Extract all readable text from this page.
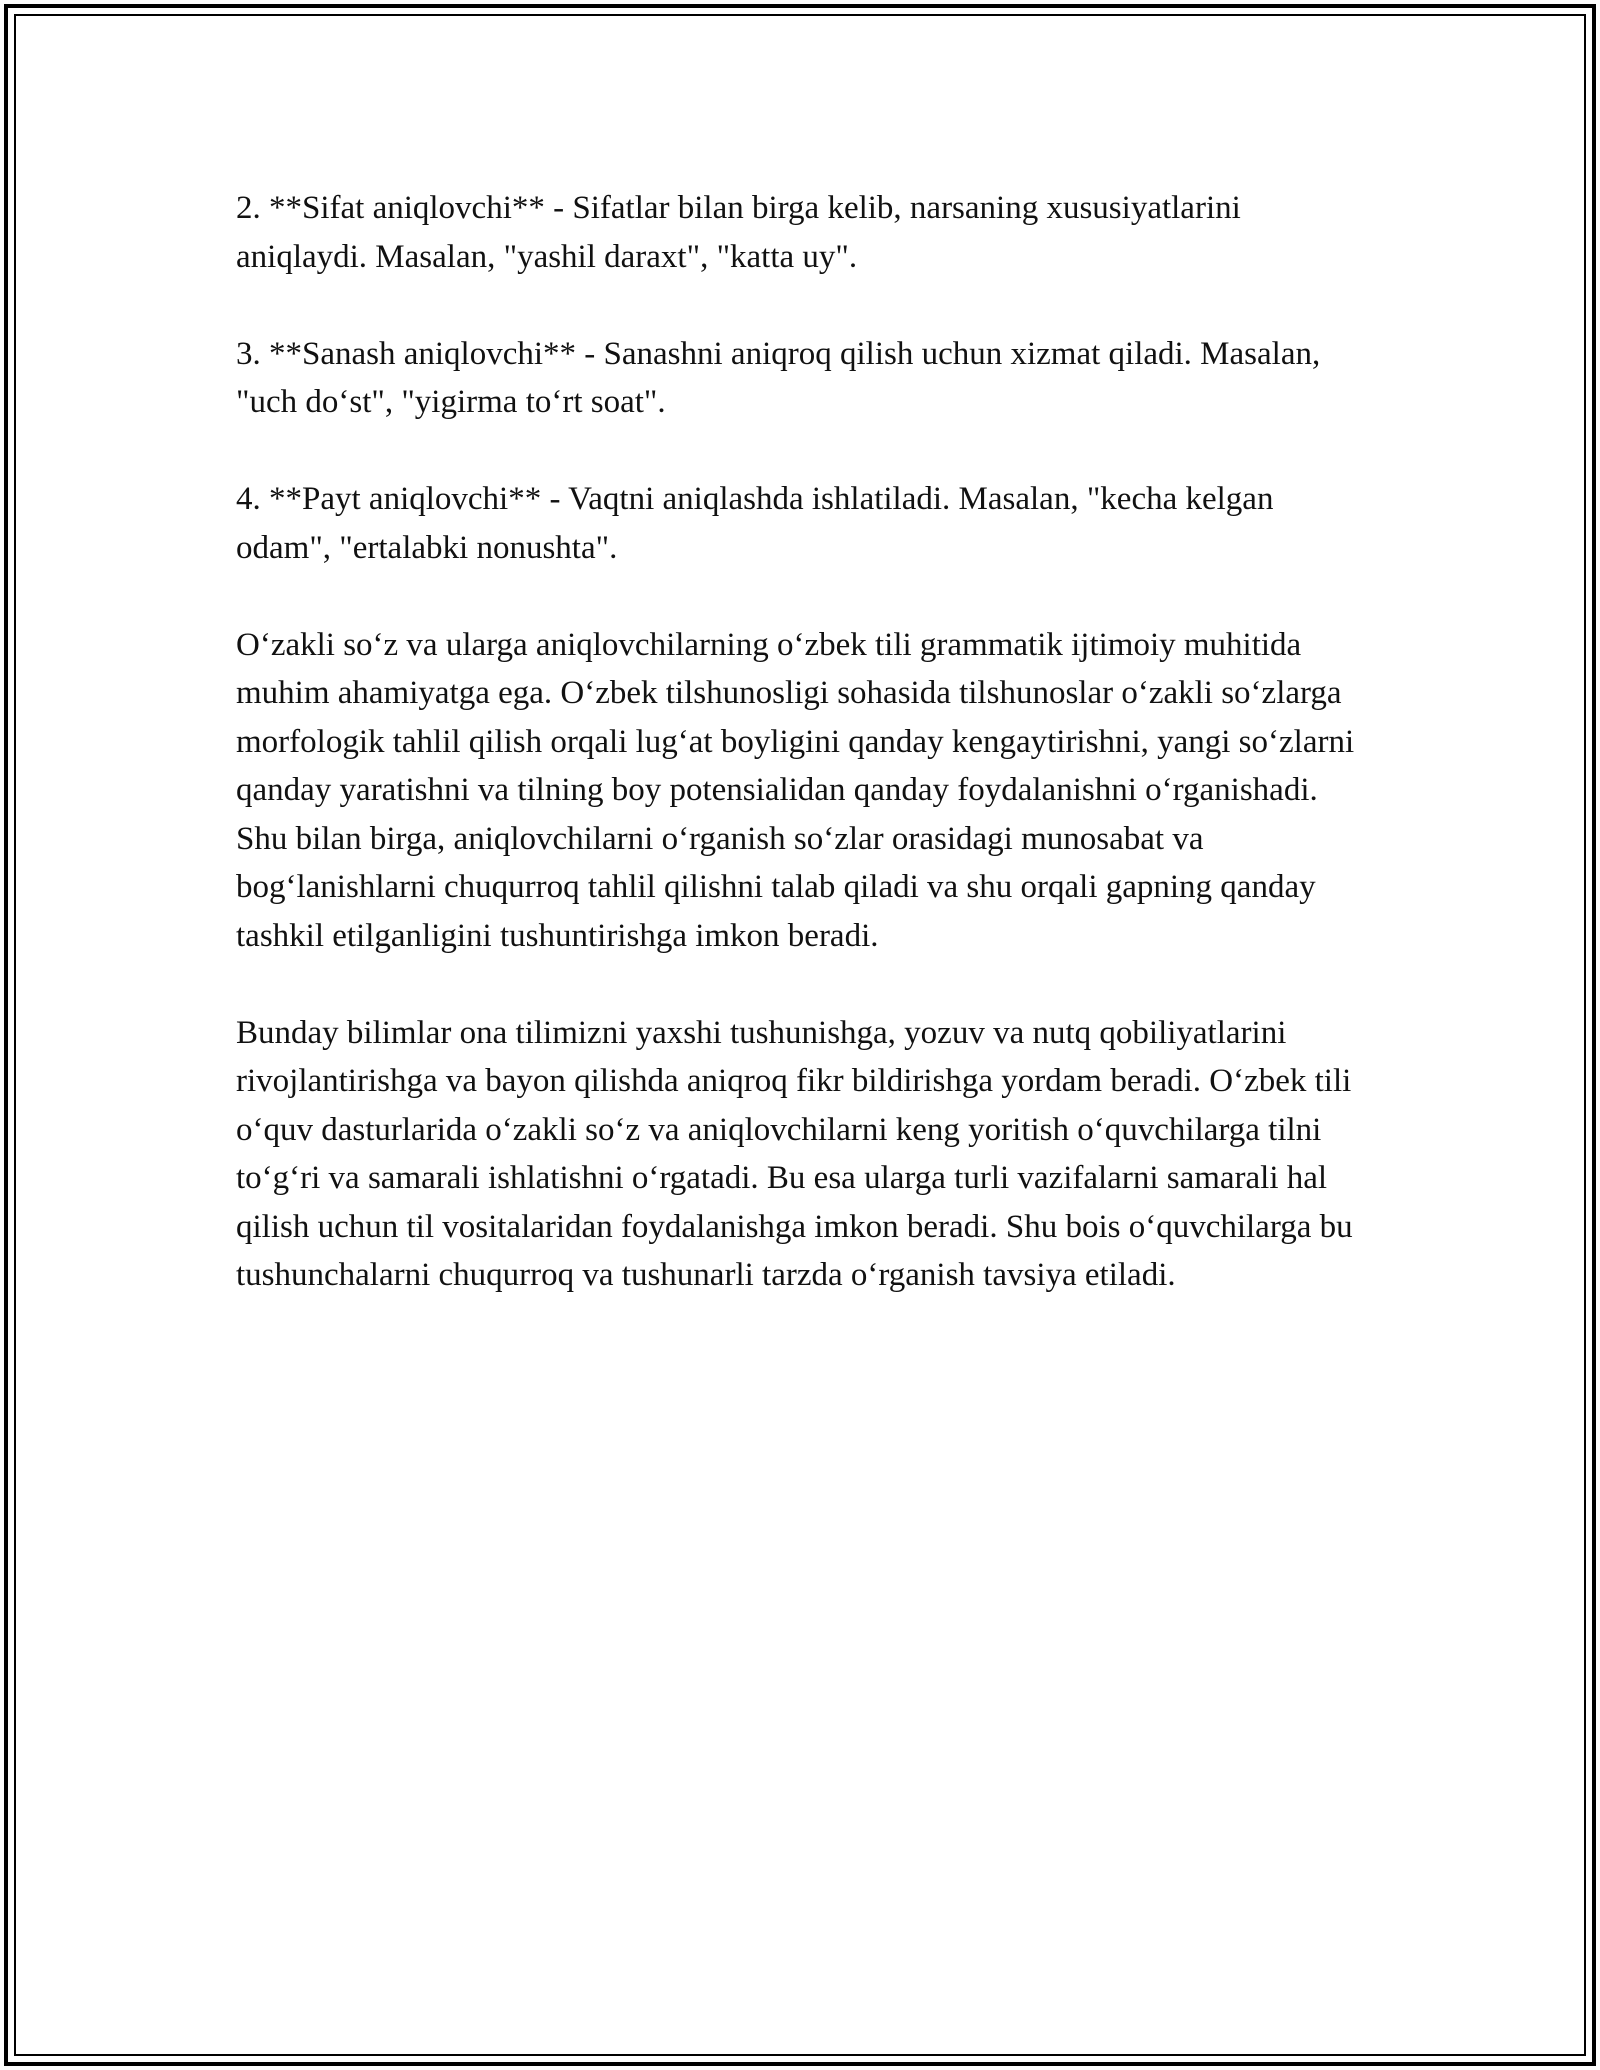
2. **Sifat aniqlovchi** - Sifatlar bilan birga kelib, narsaning xususiyatlarini aniqlaydi. Masalan, "yashil daraxt", "katta uy".

3. **Sanash aniqlovchi** - Sanashni aniqroq qilish uchun xizmat qiladi. Masalan, "uch do‘st", "yigirma to‘rt soat".

4. **Payt aniqlovchi** - Vaqtni aniqlashda ishlatiladi. Masalan, "kecha kelgan odam", "ertalabki nonushta".

O‘zakli so‘z va ularga aniqlovchilarning o‘zbek tili grammatik ijtimoiy muhitida muhim ahamiyatga ega. O‘zbek tilshunosligi sohasida tilshunoslar o‘zakli so‘zlarga morfologik tahlil qilish orqali lug‘at boyligini qanday kengaytirishni, yangi so‘zlarni qanday yaratishni va tilning boy potensialidan qanday foydalanishni o‘rganishadi. Shu bilan birga, aniqlovchilarni o‘rganish so‘zlar orasidagi munosabat va bog‘lanishlarni chuqurroq tahlil qilishni talab qiladi va shu orqali gapning qanday tashkil etilganligini tushuntirishga imkon beradi.

Bunday bilimlar ona tilimizni yaxshi tushunishga, yozuv va nutq qobiliyatlarini rivojlantirishga va bayon qilishda aniqroq fikr bildirishga yordam beradi. O‘zbek tili o‘quv dasturlarida o‘zakli so‘z va aniqlovchilarni keng yoritish o‘quvchilarga tilni to‘g‘ri va samarali ishlatishni o‘rgatadi. Bu esa ularga turli vazifalarni samarali hal qilish uchun til vositalaridan foydalanishga imkon beradi. Shu bois o‘quvchilarga bu tushunchalarni chuqurroq va tushunarli tarzda o‘rganish tavsiya etiladi.
